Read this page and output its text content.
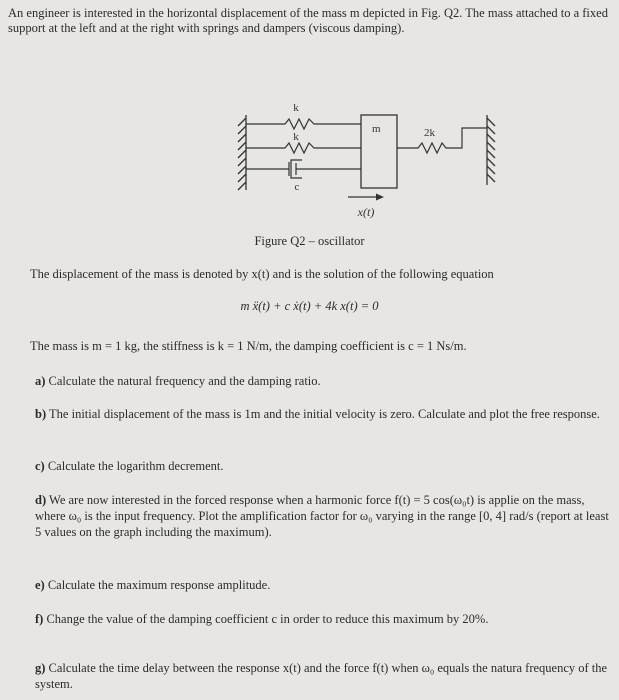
An engineer is interested in the horizontal displacement of the mass m depicted in Fig. Q2. The mass attached to a fixed support at the left and at the right with springs and dampers (viscous damping).
k
k
c
m	2k
x(t)
Figure Q2 – oscillator
The displacement of the mass is denoted by x(t) and is the solution of the following equation
m ẍ(t) + c ẋ(t) + 4k x(t) = 0
The mass is m = 1 kg, the stiffness is k = 1 N/m, the damping coefficient is c = 1 Ns/m.
a) Calculate the natural frequency and the damping ratio.
b) The initial displacement of the mass is 1m and the initial velocity is zero. Calculate and plot the free response.
c) Calculate the logarithm decrement.
d) We are now interested in the forced response when a harmonic force f(t) = 5 cos(ω₀t) is applie on the mass, where ω₀ is the input frequency. Plot the amplification factor for ω₀ varying in the range [0, 4] rad/s (report at least 5 values on the graph including the maximum).
e) Calculate the maximum response amplitude.
f) Change the value of the damping coefficient c in order to reduce this maximum by 20%.
g) Calculate the time delay between the response x(t) and the force f(t) when ω₀ equals the natura frequency of the system.
